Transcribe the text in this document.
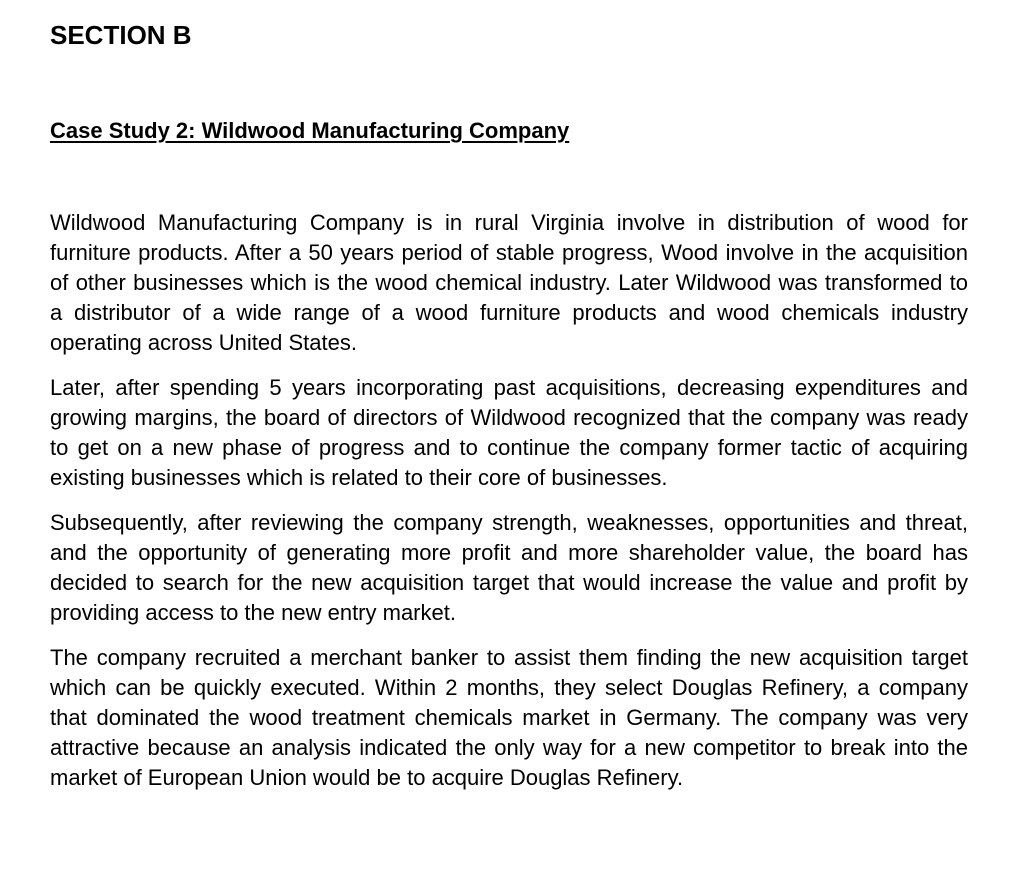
SECTION B
Case Study 2: Wildwood Manufacturing Company

Wildwood Manufacturing Company is in rural Virginia involve in distribution of wood for furniture products. After a 50 years period of stable progress, Wood involve in the acquisition of other businesses which is the wood chemical industry. Later Wildwood was transformed to a distributor of a wide range of a wood furniture products and wood chemicals industry operating across United States.

Later, after spending 5 years incorporating past acquisitions, decreasing expenditures and growing margins, the board of directors of Wildwood recognized that the company was ready to get on a new phase of progress and to continue the company former tactic of acquiring existing businesses which is related to their core of businesses.

Subsequently, after reviewing the company strength, weaknesses, opportunities and threat, and the opportunity of generating more profit and more shareholder value, the board has decided to search for the new acquisition target that would increase the value and profit by providing access to the new entry market.

The company recruited a merchant banker to assist them finding the new acquisition target which can be quickly executed. Within 2 months, they select Douglas Refinery, a company that dominated the wood treatment chemicals market in Germany. The company was very attractive because an analysis indicated the only way for a new competitor to break into the market of European Union would be to acquire Douglas Refinery.
